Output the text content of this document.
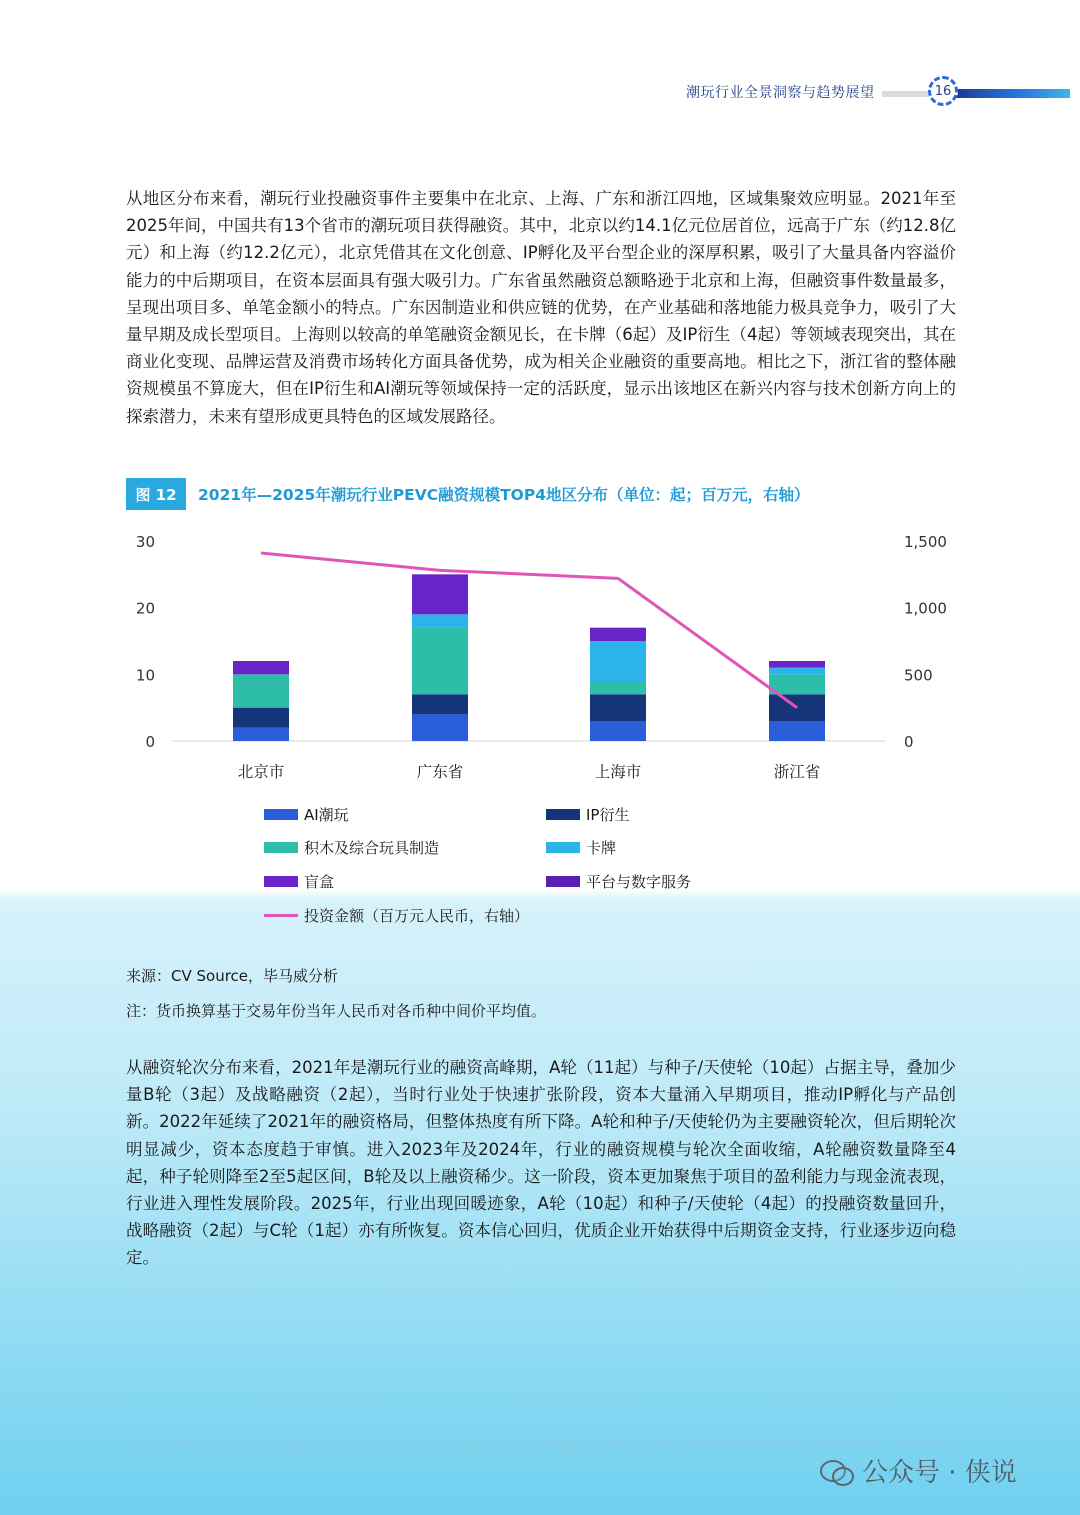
潮玩行业全景洞察与趋势展望	16
从地区分布来看，潮玩行业投融资事件主要集中在北京、上海、广东和浙江四地，区域集聚效应明显。2021年至2025年间，中国共有13个省市的潮玩项目获得融资。其中，北京以约14.1亿元位居首位，远高于广东（约12.8亿元）和上海（约12.2亿元），北京凭借其在文化创意、IP孵化及平台型企业的深厚积累，吸引了大量具备内容溢价能力的中后期项目，在资本层面具有强大吸引力。广东省虽然融资总额略逊于北京和上海，但融资事件数量最多，呈现出项目多、单笔金额小的特点。广东因制造业和供应链的优势，在产业基础和落地能力极具竞争力，吸引了大量早期及成长型项目。上海则以较高的单笔融资金额见长，在卡牌（6起）及IP衍生（4起）等领域表现突出，其在商业化变现、品牌运营及消费市场转化方面具备优势，成为相关企业融资的重要高地。相比之下，浙江省的整体融资规模虽不算庞大，但在IP衍生和AI潮玩等领域保持一定的活跃度，显示出该地区在新兴内容与技术创新方向上的探索潜力，未来有望形成更具特色的区域发展路径。
图 12	2021年—2025年潮玩行业PEVC融资规模TOP4地区分布（单位：起；百万元，右轴）
0
10
20
30
0
500
1,000
1,500
北京市	广东省	上海市	浙江省
AI潮玩	IP衍生
积木及综合玩具制造	卡牌
盲盒	平台与数字服务
投资金额（百万元人民币，右轴）
来源：CV Source，毕马威分析
注：货币换算基于交易年份当年人民币对各币种中间价平均值。
从融资轮次分布来看，2021年是潮玩行业的融资高峰期，A轮（11起）与种子/天使轮（10起）占据主导，叠加少量B轮（3起）及战略融资（2起），当时行业处于快速扩张阶段，资本大量涌入早期项目，推动IP孵化与产品创新。2022年延续了2021年的融资格局，但整体热度有所下降。A轮和种子/天使轮仍为主要融资轮次，但后期轮次明显减少，资本态度趋于审慎。进入2023年及2024年，行业的融资规模与轮次全面收缩，A轮融资数量降至4起，种子轮则降至2至5起区间，B轮及以上融资稀少。这一阶段，资本更加聚焦于项目的盈利能力与现金流表现，行业进入理性发展阶段。2025年，行业出现回暖迹象，A轮（10起）和种子/天使轮（4起）的投融资数量回升，战略融资（2起）与C轮（1起）亦有所恢复。资本信心回归，优质企业开始获得中后期资金支持，行业逐步迈向稳定。
© 2026 毕马威华振会计师事务所(特殊普通合伙) — 中国合伙制会计师事务所、毕马威企业咨询(中国)有限公司 — 中国有限责任公司、毕马威会计师事务所 — 澳门特别行政区合伙制事务所，及毕马威会计师事务所 — 香港特别行政区合伙制事务所，均是与毕马威国际有限公司(英国私营担保有限公司)相关联的独立成员所全球性组织中的成员。版权所有，不得转载。
公众号 · 侠说
